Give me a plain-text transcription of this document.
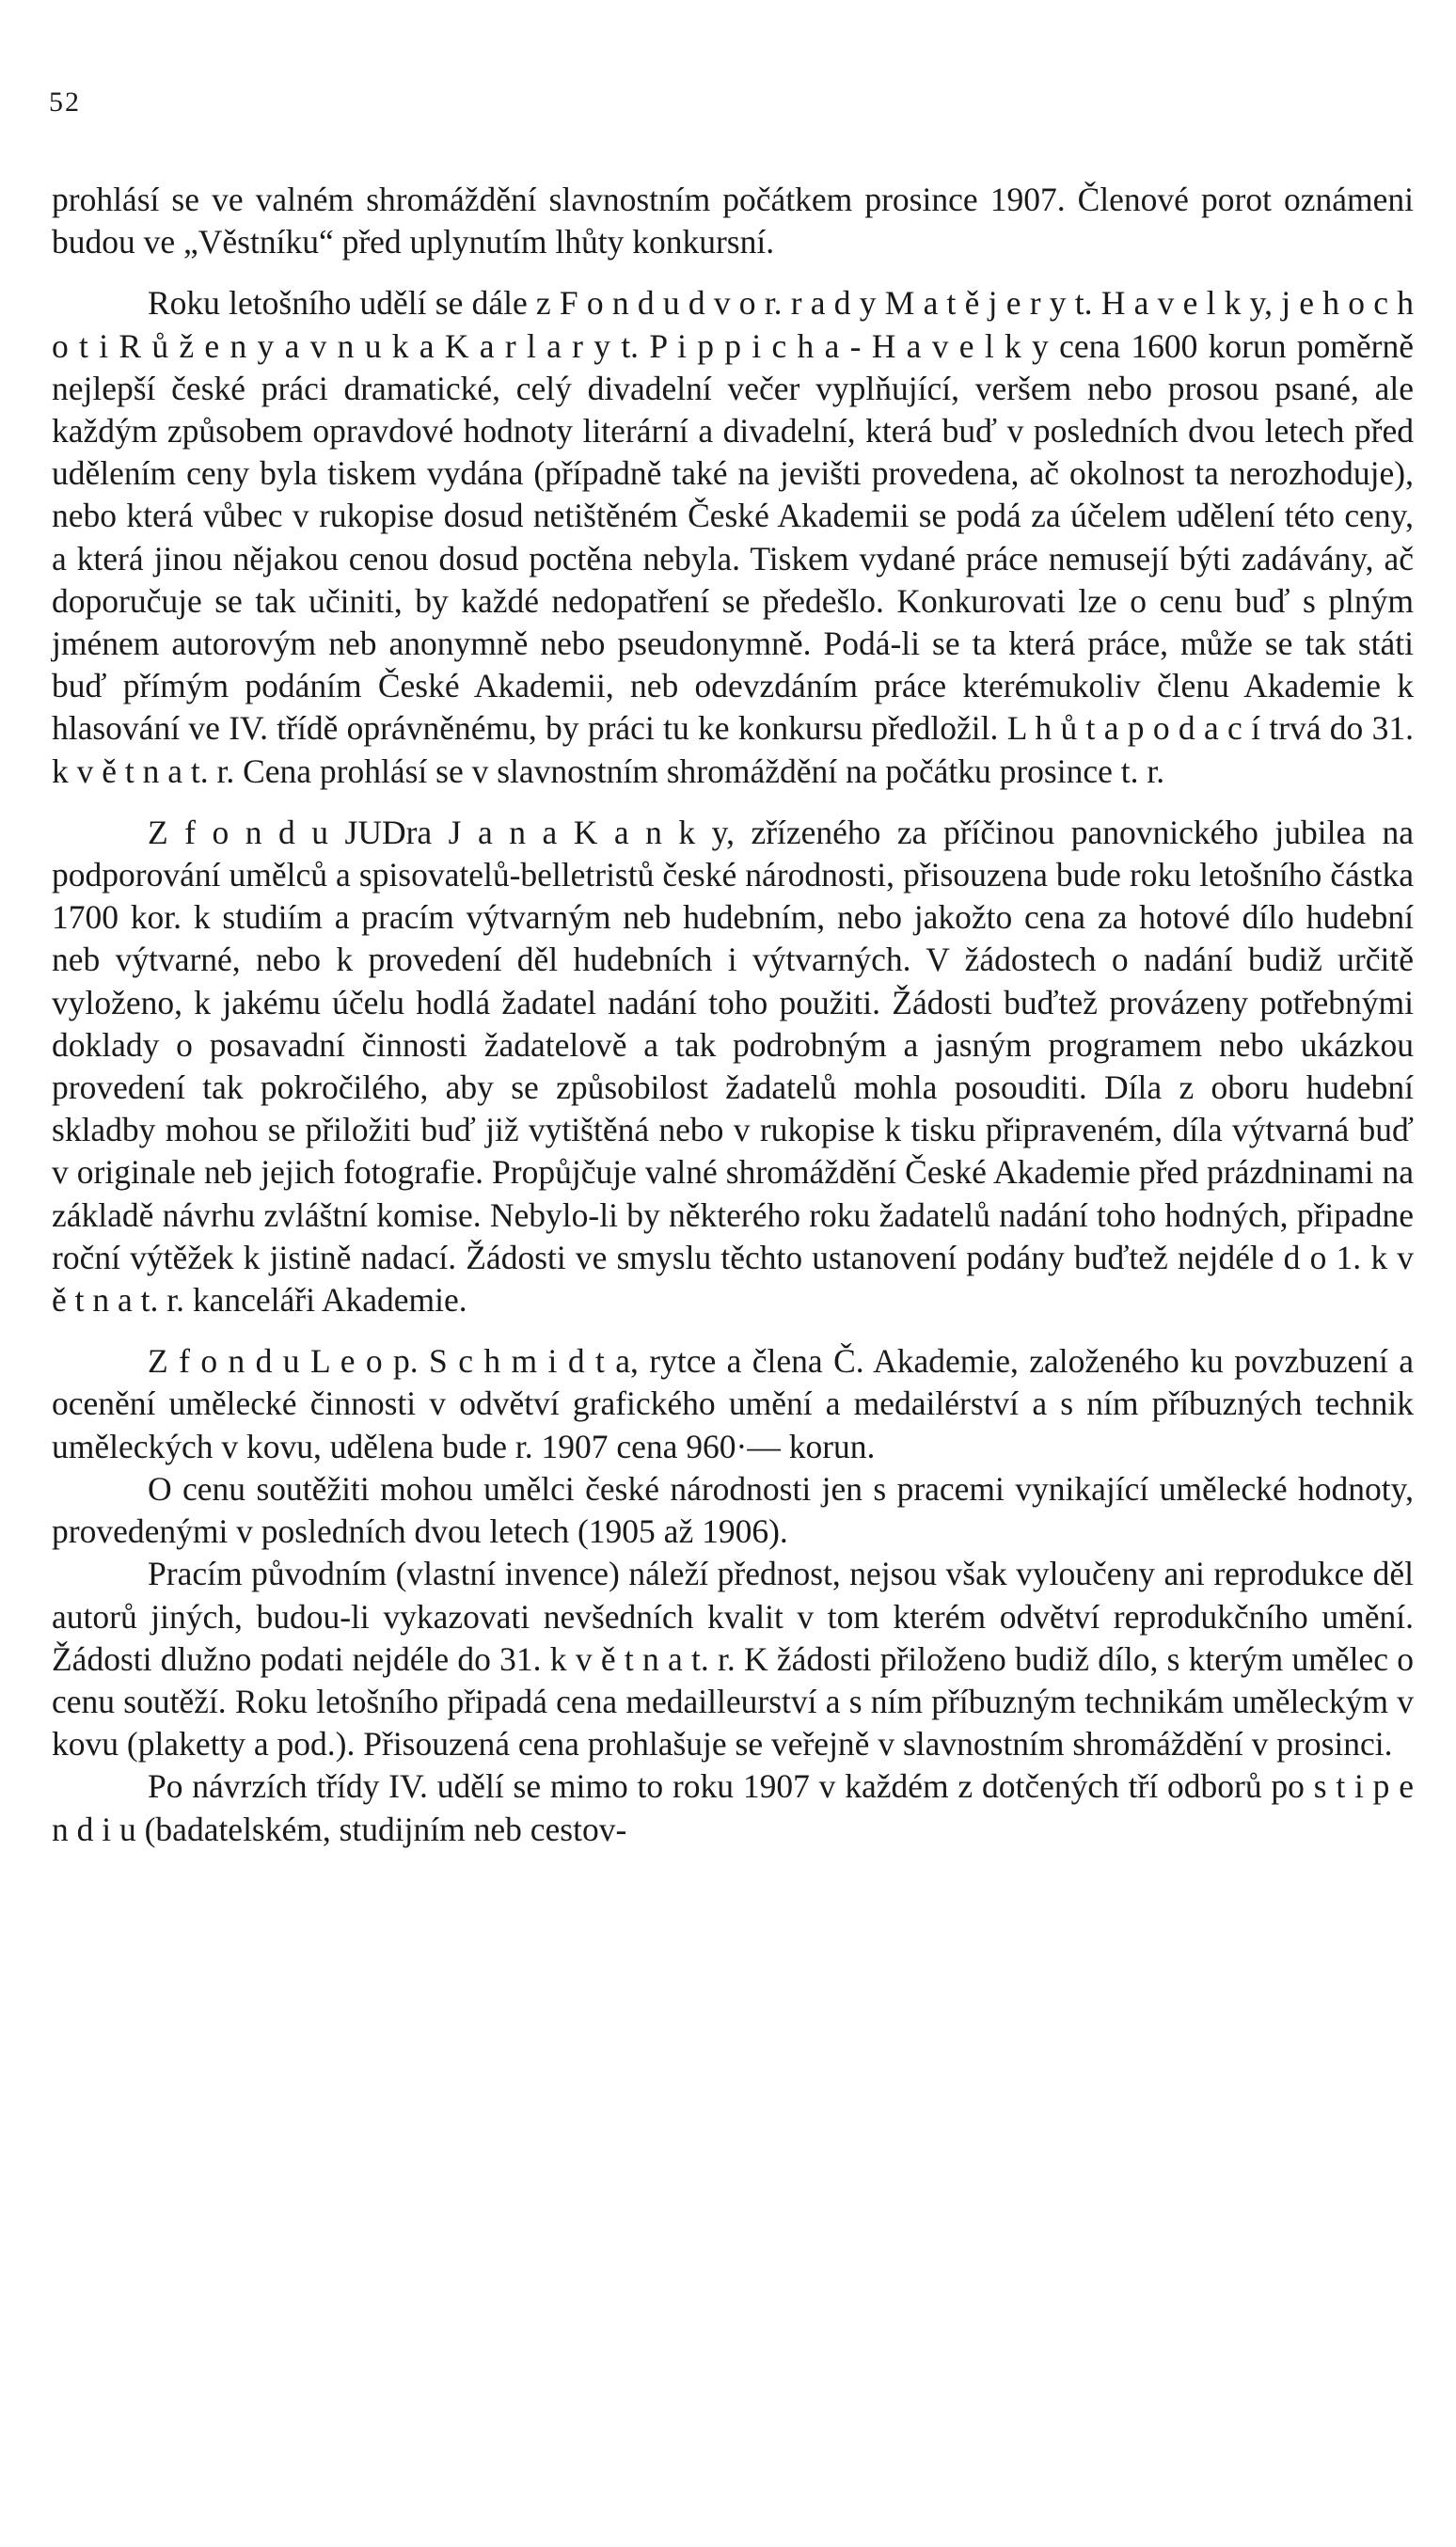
52

prohlásí se ve valném shromáždění slavnostním počátkem prosince 1907. Členové porot oznámeni budou ve „Věstníku“ před uplynutím lhůty konkursní.

Roku letošního udělí se dále z F o n d u d v o r. r a d y M a t ě j e r y t. H a v e l k y, j e h o c h o t i R ů ž e n y a v n u k a K a r l a r y t. P i p p i c h a - H a v e l k y cena 1600 korun poměrně nejlepší české práci dramatické, celý divadelní večer vyplňující, veršem nebo prosou psané, ale každým způsobem opravdové hodnoty literární a divadelní, která buď v posledních dvou letech před udělením ceny byla tiskem vydána (případně také na jevišti provedena, ač okolnost ta nerozhoduje), nebo která vůbec v rukopise dosud netištěném České Akademii se podá za účelem udělení této ceny, a která jinou nějakou cenou dosud poctěna nebyla. Tiskem vydané práce nemusejí býti zadávány, ač doporučuje se tak učiniti, by každé nedopatření se předešlo. Konkurovati lze o cenu buď s plným jménem autorovým neb anonymně nebo pseudonymně. Podá-li se ta která práce, může se tak státi buď přímým podáním České Akademii, neb odevzdáním práce kterémukoliv členu Akademie k hlasování ve IV. třídě oprávněnému, by práci tu ke konkursu předložil. L h ů t a p o d a c í trvá do 31. k v ě t n a t. r. Cena prohlásí se v slavnostním shromáždění na počátku prosince t. r.

Z f o n d u JUDra J a n a K a n k y, zřízeného za příčinou panovnického jubilea na podporování umělců a spisovatelů-belletristů české národnosti, přisouzena bude roku letošního částka 1700 kor. k studiím a pracím výtvarným neb hudebním, nebo jakožto cena za hotové dílo hudební neb výtvarné, nebo k provedení děl hudebních i výtvarných. V žádostech o nadání budiž určitě vyloženo, k jakému účelu hodlá žadatel nadání toho použiti. Žádosti buďtež provázeny potřebnými doklady o posavadní činnosti žadatelově a tak podrobným a jasným programem nebo ukázkou provedení tak pokročilého, aby se způsobilost žadatelů mohla posouditi. Díla z oboru hudební skladby mohou se přiložiti buď již vytištěná nebo v rukopise k tisku připraveném, díla výtvarná buď v originale neb jejich fotografie. Propůjčuje valné shromáždění České Akademie před prázdninami na základě návrhu zvláštní komise. Nebylo-li by některého roku žadatelů nadání toho hodných, připadne roční výtěžek k jistině nadací. Žádosti ve smyslu těchto ustanovení podány buďtež nejdéle d o 1. k v ě t n a t. r. kanceláři Akademie.

Z f o n d u L e o p. S c h m i d t a, rytce a člena Č. Akademie, založeného ku povzbuzení a ocenění umělecké činnosti v odvětví grafického umění a medailérství a s ním příbuzných technik uměleckých v kovu, udělena bude r. 1907 cena 960·— korun.

O cenu soutěžiti mohou umělci české národnosti jen s pracemi vynikající umělecké hodnoty, provedenými v posledních dvou letech (1905 až 1906).

Pracím původním (vlastní invence) náleží přednost, nejsou však vyloučeny ani reprodukce děl autorů jiných, budou-li vykazovati nevšedních kvalit v tom kterém odvětví reprodukčního umění. Žádosti dlužno podati nejdéle do 31. k v ě t n a t. r. K žádosti přiloženo budiž dílo, s kterým umělec o cenu soutěží. Roku letošního připadá cena medailleurství a s ním příbuzným technikám uměleckým v kovu (plaketty a pod.). Přisouzená cena prohlašuje se veřejně v slavnostním shromáždění v prosinci.

Po návrzích třídy IV. udělí se mimo to roku 1907 v každém z dotčených tří odborů po s t i p e n d i u (badatelském, studijním neb cestov-
